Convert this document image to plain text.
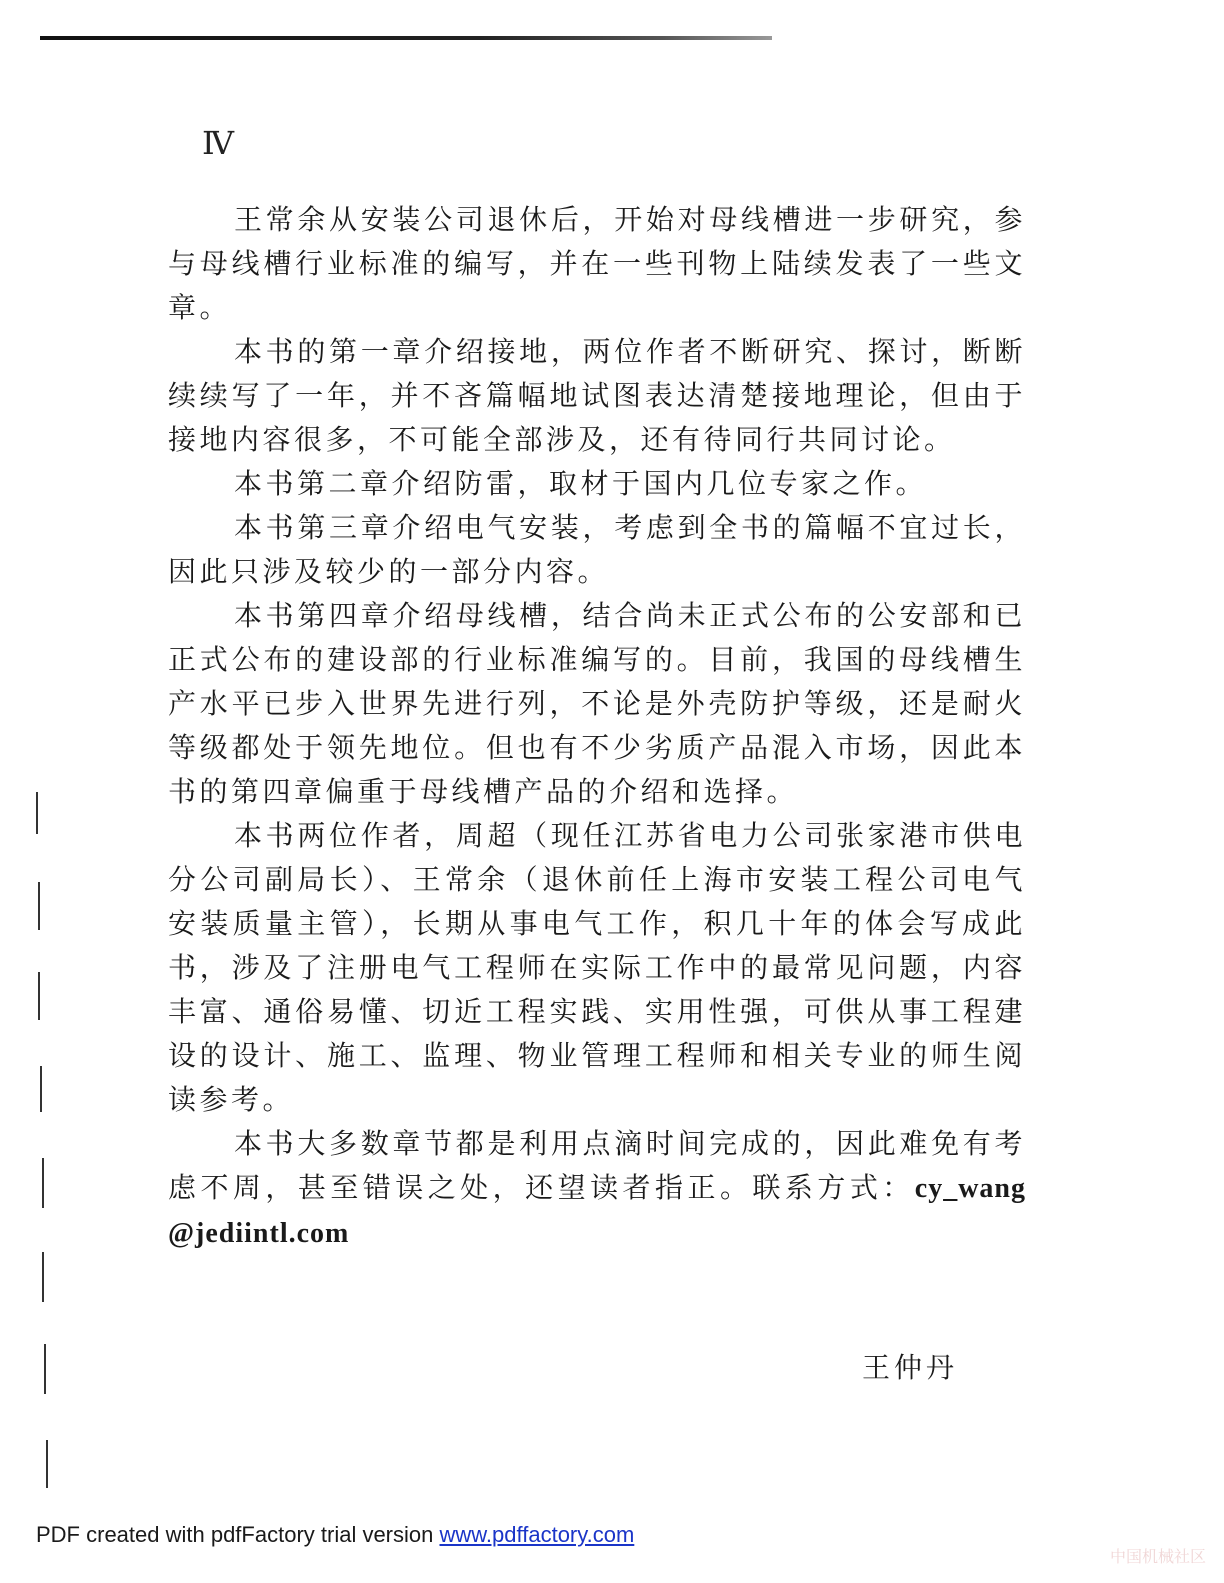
Ⅳ

王常余从安装公司退休后，开始对母线槽进一步研究，参与母线槽行业标准的编写，并在一些刊物上陆续发表了一些文章。

本书的第一章介绍接地，两位作者不断研究、探讨，断断续续写了一年，并不吝篇幅地试图表达清楚接地理论，但由于接地内容很多，不可能全部涉及，还有待同行共同讨论。

本书第二章介绍防雷，取材于国内几位专家之作。

本书第三章介绍电气安装，考虑到全书的篇幅不宜过长，因此只涉及较少的一部分内容。

本书第四章介绍母线槽，结合尚未正式公布的公安部和已正式公布的建设部的行业标准编写的。目前，我国的母线槽生产水平已步入世界先进行列，不论是外壳防护等级，还是耐火等级都处于领先地位。但也有不少劣质产品混入市场，因此本书的第四章偏重于母线槽产品的介绍和选择。

本书两位作者，周超（现任江苏省电力公司张家港市供电分公司副局长）、王常余（退休前任上海市安装工程公司电气安装质量主管），长期从事电气工作，积几十年的体会写成此书，涉及了注册电气工程师在实际工作中的最常见问题，内容丰富、通俗易懂、切近工程实践、实用性强，可供从事工程建设的设计、施工、监理、物业管理工程师和相关专业的师生阅读参考。

本书大多数章节都是利用点滴时间完成的，因此难免有考虑不周，甚至错误之处，还望读者指正。联系方式：cy_wang@jediintl.com

王仲丹
PDF created with pdfFactory trial version www.pdffactory.com
中国机械社区
